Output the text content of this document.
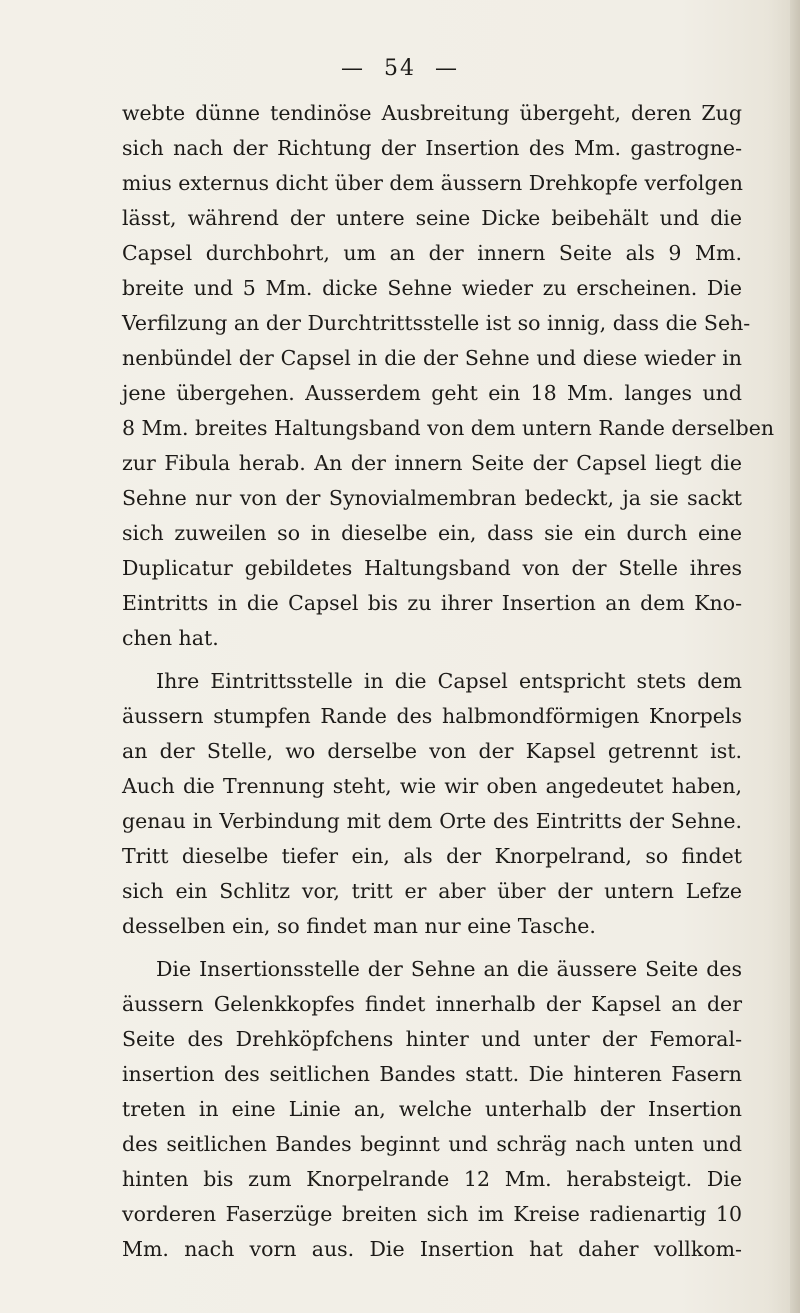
— 54 —
webte dünne tendinöse Ausbreitung übergeht, deren Zug
sich nach der Richtung der Insertion des Mm. gastrogne-
mius externus dicht über dem äussern Drehkopfe verfolgen
lässt, während der untere seine Dicke beibehält und die
Capsel durchbohrt, um an der innern Seite als 9 Mm.
breite und 5 Mm. dicke Sehne wieder zu erscheinen. Die
Verfilzung an der Durchtrittsstelle ist so innig, dass die Seh-
nenbündel der Capsel in die der Sehne und diese wieder in
jene übergehen. Ausserdem geht ein 18 Mm. langes und
8 Mm. breites Haltungsband von dem untern Rande derselben
zur Fibula herab. An der innern Seite der Capsel liegt die
Sehne nur von der Synovialmembran bedeckt, ja sie sackt
sich zuweilen so in dieselbe ein, dass sie ein durch eine
Duplicatur gebildetes Haltungsband von der Stelle ihres
Eintritts in die Capsel bis zu ihrer Insertion an dem Kno-
chen hat.
Ihre Eintrittsstelle in die Capsel entspricht stets dem
äussern stumpfen Rande des halbmondförmigen Knorpels
an der Stelle, wo derselbe von der Kapsel getrennt ist.
Auch die Trennung steht, wie wir oben angedeutet haben,
genau in Verbindung mit dem Orte des Eintritts der Sehne.
Tritt dieselbe tiefer ein, als der Knorpelrand, so findet
sich ein Schlitz vor, tritt er aber über der untern Lefze
desselben ein, so findet man nur eine Tasche.
Die Insertionsstelle der Sehne an die äussere Seite des
äussern Gelenkkopfes findet innerhalb der Kapsel an der
Seite des Drehköpfchens hinter und unter der Femoral-
insertion des seitlichen Bandes statt. Die hinteren Fasern
treten in eine Linie an, welche unterhalb der Insertion
des seitlichen Bandes beginnt und schräg nach unten und
hinten bis zum Knorpelrande 12 Mm. herabsteigt. Die
vorderen Faserzüge breiten sich im Kreise radienartig 10
Mm. nach vorn aus. Die Insertion hat daher vollkom-
